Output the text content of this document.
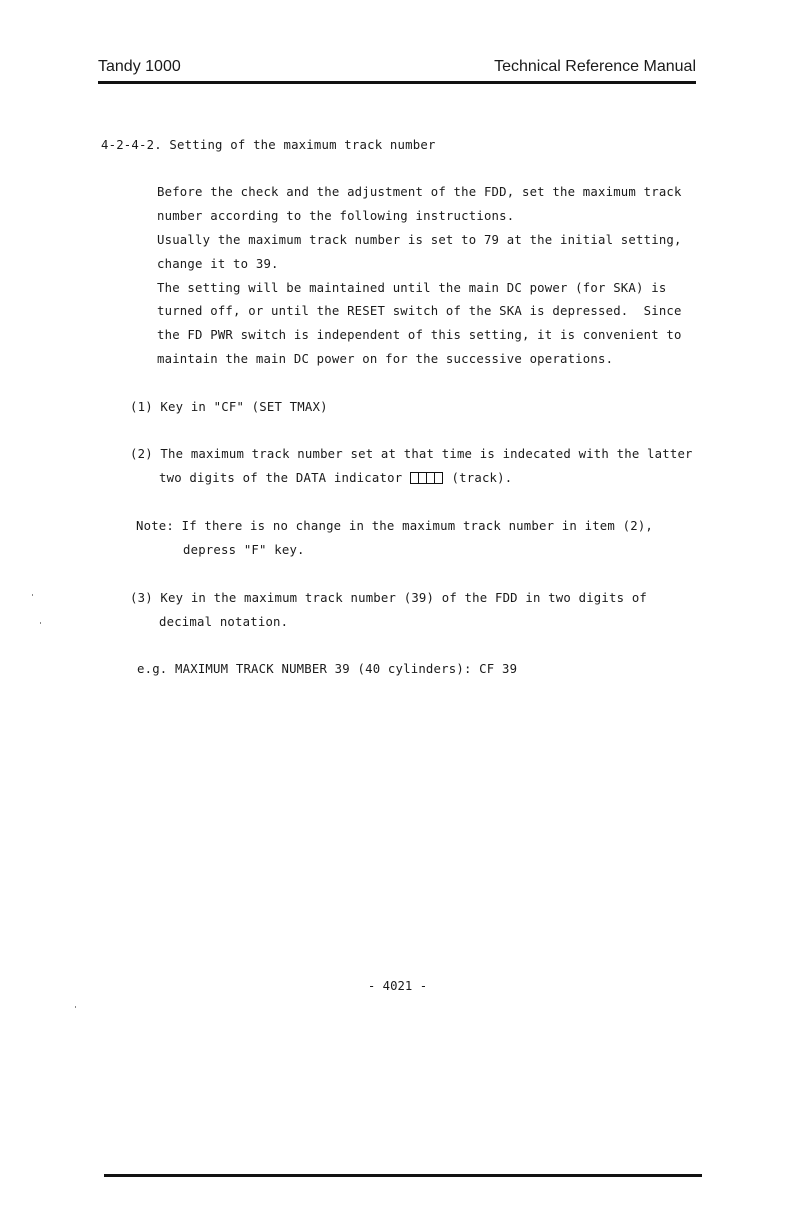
Tandy 1000	Technical Reference Manual
4-2-4-2. Setting of the maximum track number
Before the check and the adjustment of the FDD, set the maximum track
number according to the following instructions.
Usually the maximum track number is set to 79 at the initial setting,
change it to 39.
The setting will be maintained until the main DC power (for SKA) is
turned off, or until the RESET switch of the SKA is depressed.  Since
the FD PWR switch is independent of this setting, it is convenient to
maintain the main DC power on for the successive operations.
(1) Key in "CF" (SET TMAX)
(2) The maximum track number set at that time is indecated with the latter
two digits of the DATA indicator	(track).
Note: If there is no change in the maximum track number in item (2),
depress "F" key.
(3) Key in the maximum track number (39) of the FDD in two digits of
decimal notation.
e.g. MAXIMUM TRACK NUMBER 39 (40 cylinders): CF 39
- 4021 -
